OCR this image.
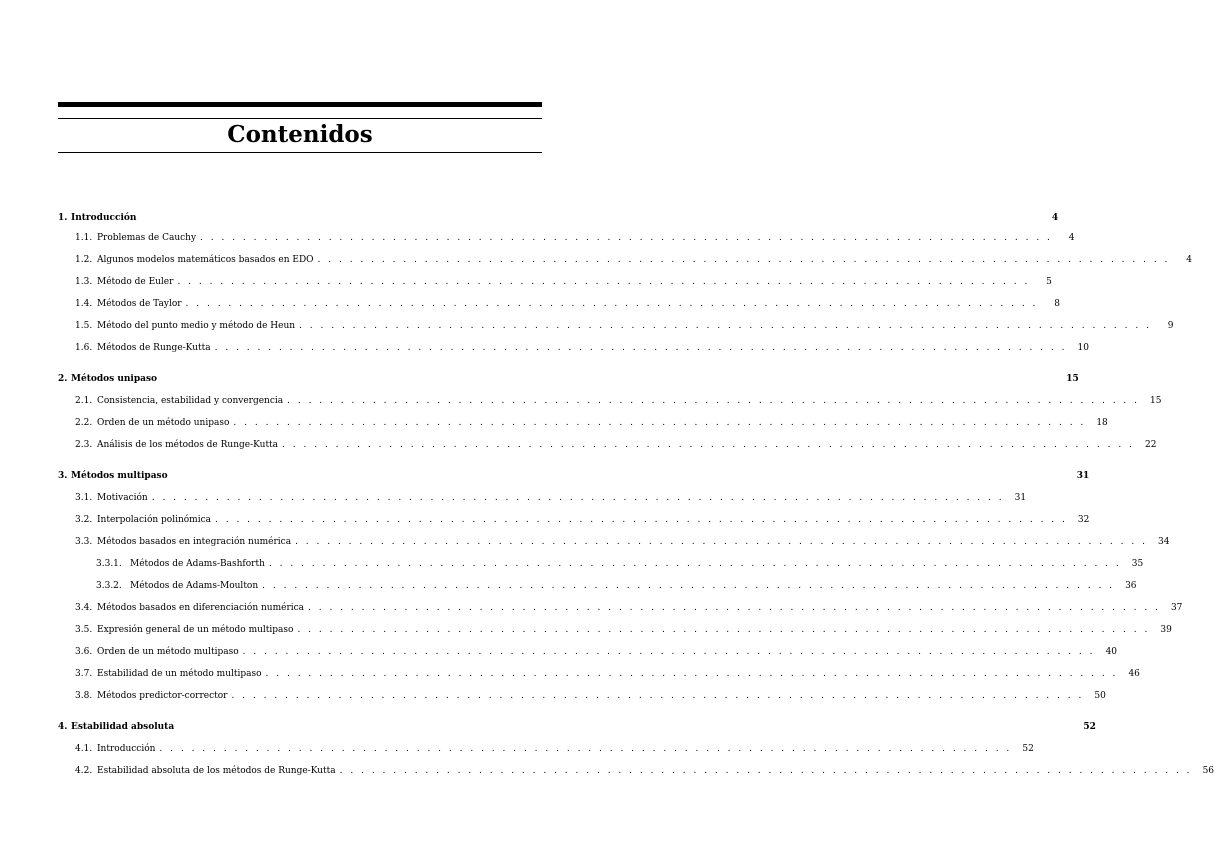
Contenidos
1. Introducción	4
1.1. Problemas de Cauchy . . . . . . . . . . . . . . . . . . . . . . . . . . . . . . . . . . . . . . . . . . . . . . . . . . . . . . . . . . . . . . . . . . . . . . . . . . . . . . . .	4
1.2. Algunos modelos matemáticos basados en EDO . . . . . . . . . . . . . . . . . . . . . . . . . . . . . . . . . . . . . . . . . . . . . . . . . . . . . . . . . . . . . . . . . . . . . . . . . . . . . . . .	4
1.3. Método de Euler . . . . . . . . . . . . . . . . . . . . . . . . . . . . . . . . . . . . . . . . . . . . . . . . . . . . . . . . . . . . . . . . . . . . . . . . . . . . . . . .	5
1.4. Métodos de Taylor . . . . . . . . . . . . . . . . . . . . . . . . . . . . . . . . . . . . . . . . . . . . . . . . . . . . . . . . . . . . . . . . . . . . . . . . . . . . . . . .	8
1.5. Método del punto medio y método de Heun . . . . . . . . . . . . . . . . . . . . . . . . . . . . . . . . . . . . . . . . . . . . . . . . . . . . . . . . . . . . . . . . . . . . . . . . . . . . . . . .	9
1.6. Métodos de Runge-Kutta . . . . . . . . . . . . . . . . . . . . . . . . . . . . . . . . . . . . . . . . . . . . . . . . . . . . . . . . . . . . . . . . . . . . . . . . . . . . . . . .	10
2. Métodos unipaso	15
2.1. Consistencia, estabilidad y convergencia . . . . . . . . . . . . . . . . . . . . . . . . . . . . . . . . . . . . . . . . . . . . . . . . . . . . . . . . . . . . . . . . . . . . . . . . . . . . . . . .	15
2.2. Orden de un método unipaso . . . . . . . . . . . . . . . . . . . . . . . . . . . . . . . . . . . . . . . . . . . . . . . . . . . . . . . . . . . . . . . . . . . . . . . . . . . . . . . .	18
2.3. Análisis de los métodos de Runge-Kutta . . . . . . . . . . . . . . . . . . . . . . . . . . . . . . . . . . . . . . . . . . . . . . . . . . . . . . . . . . . . . . . . . . . . . . . . . . . . . . . .	22
3. Métodos multipaso	31
3.1. Motivación . . . . . . . . . . . . . . . . . . . . . . . . . . . . . . . . . . . . . . . . . . . . . . . . . . . . . . . . . . . . . . . . . . . . . . . . . . . . . . . .	31
3.2. Interpolación polinómica . . . . . . . . . . . . . . . . . . . . . . . . . . . . . . . . . . . . . . . . . . . . . . . . . . . . . . . . . . . . . . . . . . . . . . . . . . . . . . . .	32
3.3. Métodos basados en integración numérica . . . . . . . . . . . . . . . . . . . . . . . . . . . . . . . . . . . . . . . . . . . . . . . . . . . . . . . . . . . . . . . . . . . . . . . . . . . . . . . .	34
3.3.1. Métodos de Adams-Bashforth . . . . . . . . . . . . . . . . . . . . . . . . . . . . . . . . . . . . . . . . . . . . . . . . . . . . . . . . . . . . . . . . . . . . . . . . . . . . . . . .	35
3.3.2. Métodos de Adams-Moulton . . . . . . . . . . . . . . . . . . . . . . . . . . . . . . . . . . . . . . . . . . . . . . . . . . . . . . . . . . . . . . . . . . . . . . . . . . . . . . . .	36
3.4. Métodos basados en diferenciación numérica . . . . . . . . . . . . . . . . . . . . . . . . . . . . . . . . . . . . . . . . . . . . . . . . . . . . . . . . . . . . . . . . . . . . . . . . . . . . . . . .	37
3.5. Expresión general de un método multipaso . . . . . . . . . . . . . . . . . . . . . . . . . . . . . . . . . . . . . . . . . . . . . . . . . . . . . . . . . . . . . . . . . . . . . . . . . . . . . . . .	39
3.6. Orden de un método multipaso . . . . . . . . . . . . . . . . . . . . . . . . . . . . . . . . . . . . . . . . . . . . . . . . . . . . . . . . . . . . . . . . . . . . . . . . . . . . . . . .	40
3.7. Estabilidad de un método multipaso . . . . . . . . . . . . . . . . . . . . . . . . . . . . . . . . . . . . . . . . . . . . . . . . . . . . . . . . . . . . . . . . . . . . . . . . . . . . . . . .	46
3.8. Métodos predictor-corrector . . . . . . . . . . . . . . . . . . . . . . . . . . . . . . . . . . . . . . . . . . . . . . . . . . . . . . . . . . . . . . . . . . . . . . . . . . . . . . . .	50
4. Estabilidad absoluta	52
4.1. Introducción . . . . . . . . . . . . . . . . . . . . . . . . . . . . . . . . . . . . . . . . . . . . . . . . . . . . . . . . . . . . . . . . . . . . . . . . . . . . . . . .	52
4.2. Estabilidad absoluta de los métodos de Runge-Kutta . . . . . . . . . . . . . . . . . . . . . . . . . . . . . . . . . . . . . . . . . . . . . . . . . . . . . . . . . . . . . . . . . . . . . . . . . . . . . . . .	56
